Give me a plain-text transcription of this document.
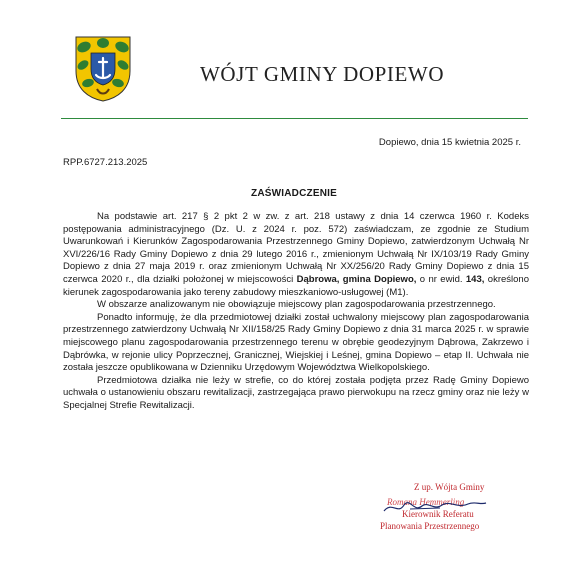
WÓJT GMINY DOPIEWO
Dopiewo, dnia 15 kwietnia 2025 r.
RPP.6727.213.2025
ZAŚWIADCZENIE

Na podstawie art. 217 § 2 pkt 2 w zw. z art. 218 ustawy z dnia 14 czerwca 1960 r. Kodeks postępowania administracyjnego (Dz. U. z 2024 r. poz. 572) zaświadczam, ze zgodnie ze Studium Uwarunkowań i Kierunków Zagospodarowania Przestrzennego Gminy Dopiewo, zatwierdzonym Uchwałą Nr XVI/226/16 Rady Gminy Dopiewo z dnia 29 lutego 2016 r., zmienionym Uchwałą Nr IX/103/19 Rady Gminy Dopiewo z dnia 27 maja 2019 r. oraz zmienionym Uchwałą Nr XX/256/20 Rady Gminy Dopiewo z dnia 15 czerwca 2020 r., dla działki położonej w miejscowości Dąbrowa, gmina Dopiewo, o nr ewid. 143, określono kierunek zagospodarowania jako tereny zabudowy mieszkaniowo-usługowej (M1).

W obszarze analizowanym nie obowiązuje miejscowy plan zagospodarowania przestrzennego.

Ponadto informuję, że dla przedmiotowej działki został uchwalony miejscowy plan zagospodarowania przestrzennego zatwierdzony Uchwałą Nr XII/158/25 Rady Gminy Dopiewo z dnia 31 marca 2025 r. w sprawie miejscowego planu zagospodarowania przestrzennego terenu w obrębie geodezyjnym Dąbrowa, Zakrzewo i Dąbrówka, w rejonie ulicy Poprzecznej, Granicznej, Wiejskiej i Leśnej, gmina Dopiewo – etap II. Uchwała nie została jeszcze opublikowana w Dzienniku Urzędowym Województwa Wielkopolskiego.

Przedmiotowa działka nie leży w strefie, co do której została podjęta przez Radę Gminy Dopiewo uchwała o ustanowieniu obszaru rewitalizacji, zastrzegająca prawo pierwokupu na rzecz gminy oraz nie leży w Specjalnej Strefie Rewitalizacji.

Z up. Wójta Gminy
Romana Hemmerling
Kierownik Referatu
Planowania Przestrzennego
